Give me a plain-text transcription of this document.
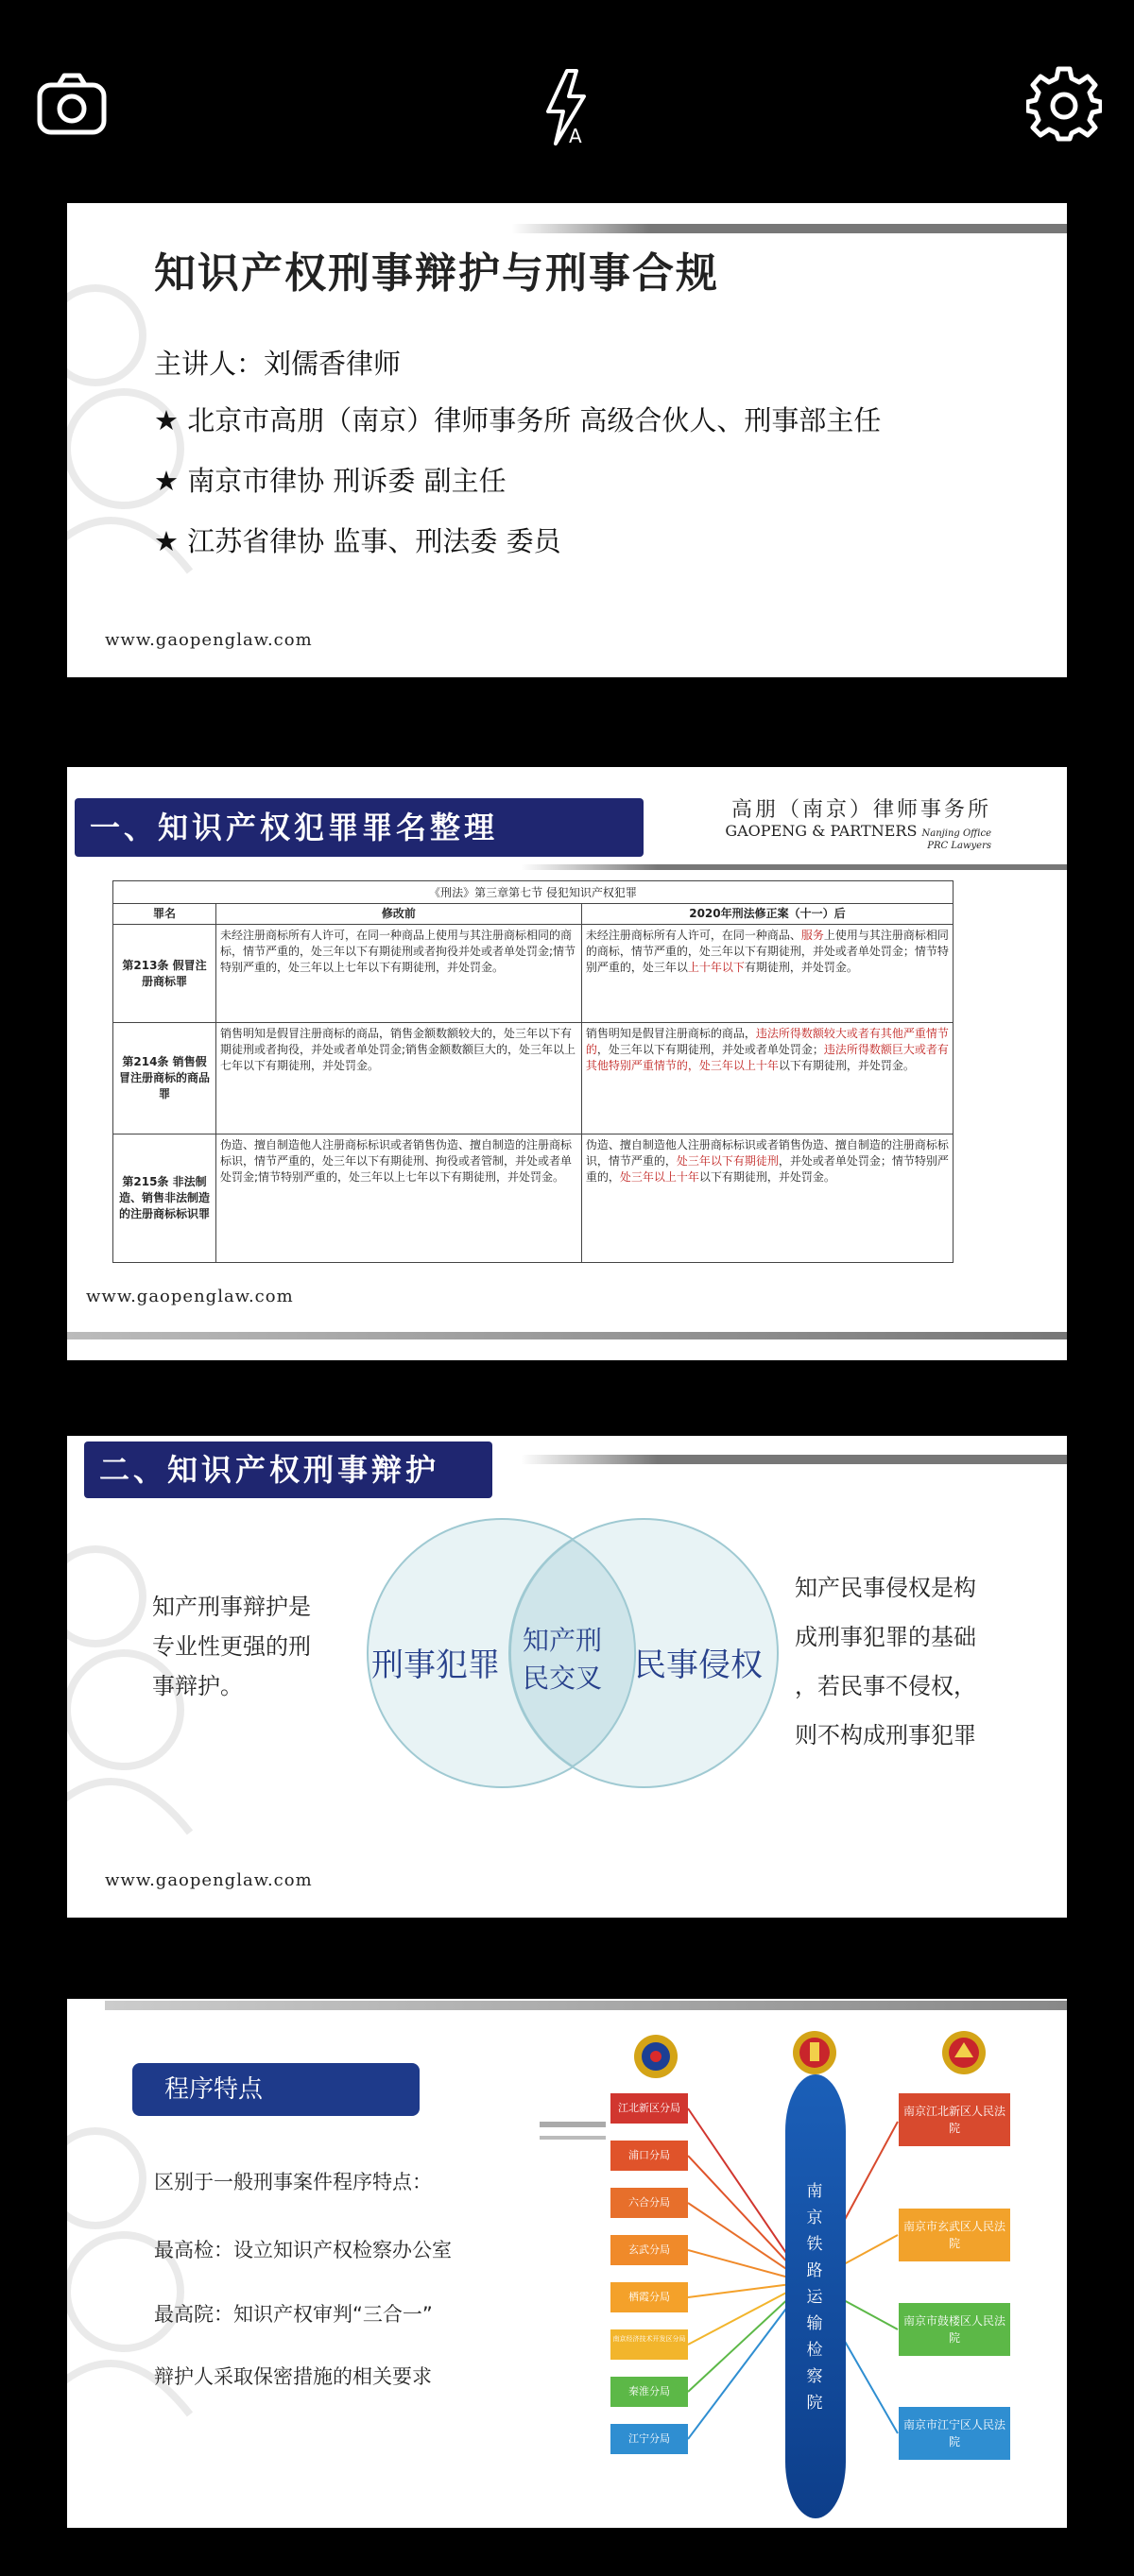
A
知识产权刑事辩护与刑事合规
主讲人：刘儒香律师
★ 北京市高朋（南京）律师事务所 高级合伙人、刑事部主任
★ 南京市律协 刑诉委 副主任
★ 江苏省律协 监事、刑法委 委员
www.gaopenglaw.com
一、知识产权犯罪罪名整理	高朋（南京）律师事务所
GAOPENG & PARTNERS Nanjing Office
PRC Lawyers
《刑法》第三章第七节 侵犯知识产权犯罪
罪名	修改前	2020年刑法修正案（十一）后
第213条 假冒注册商标罪	未经注册商标所有人许可，在同一种商品上使用与其注册商标相同的商标，情节严重的，处三年以下有期徒刑或者拘役并处或者单处罚金;情节特别严重的，处三年以上七年以下有期徒刑，并处罚金。	未经注册商标所有人许可，在同一种商品、服务上使用与其注册商标相同的商标，情节严重的，处三年以下有期徒刑，并处或者单处罚金；情节特别严重的，处三年以上十年以下有期徒刑，并处罚金。
第214条 销售假冒注册商标的商品罪	销售明知是假冒注册商标的商品，销售金额数额较大的，处三年以下有期徒刑或者拘役，并处或者单处罚金;销售金额数额巨大的，处三年以上七年以下有期徒刑，并处罚金。	销售明知是假冒注册商标的商品，违法所得数额较大或者有其他严重情节的，处三年以下有期徒刑，并处或者单处罚金；违法所得数额巨大或者有其他特别严重情节的，处三年以上十年以下有期徒刑，并处罚金。
第215条 非法制造、销售非法制造的注册商标标识罪	伪造、擅自制造他人注册商标标识或者销售伪造、擅自制造的注册商标标识，情节严重的，处三年以下有期徒刑、拘役或者管制，并处或者单处罚金;情节特别严重的，处三年以上七年以下有期徒刑，并处罚金。	伪造、擅自制造他人注册商标标识或者销售伪造、擅自制造的注册商标标识，情节严重的，处三年以下有期徒刑，并处或者单处罚金；情节特别严重的，处三年以上十年以下有期徒刑，并处罚金。
www.gaopenglaw.com
二、知识产权刑事辩护
知产刑事辩护是
专业性更强的刑
事辩护。
刑事犯罪
知产刑
民交叉 民事侵权
知产民事侵权是构
成刑事犯罪的基础
，若民事不侵权，
则不构成刑事犯罪
www.gaopenglaw.com
程序特点
区别于一般刑事案件程序特点：
最高检：设立知识产权检察办公室
最高院：知识产权审判“三合一”
辩护人采取保密措施的相关要求
江北新区分局
浦口分局
六合分局
玄武分局
栖霞分局
南京经济技术开发区分局
秦淮分局
江宁分局
南京铁路运输检察院
南京江北新区人民法院
南京市玄武区人民法院
南京市鼓楼区人民法院
南京市江宁区人民法院
